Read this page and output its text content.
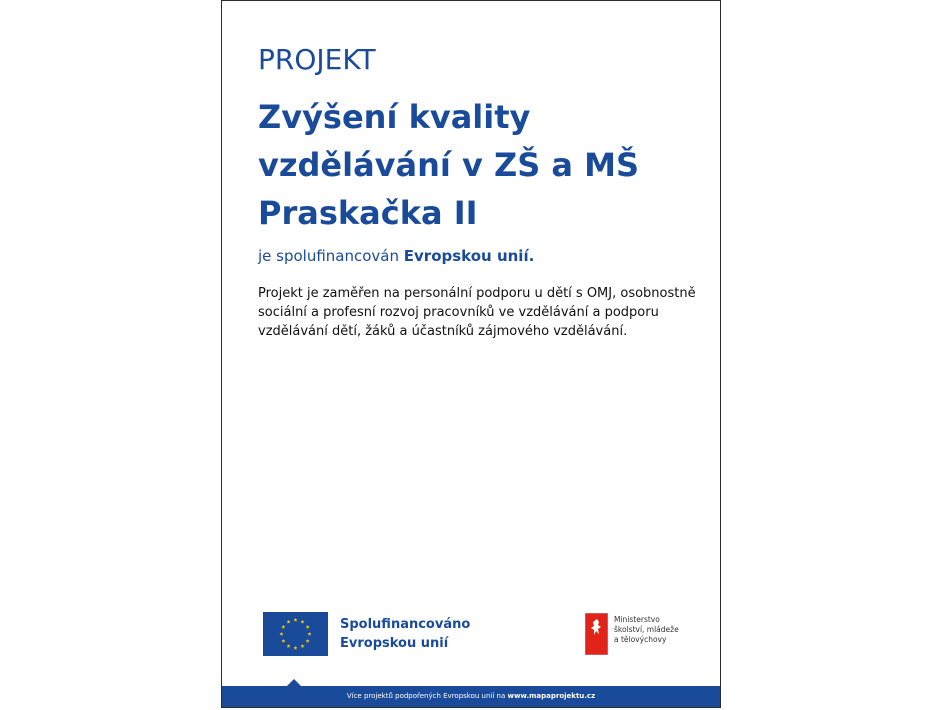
PROJEKT

Zvýšení kvality vzdělávání v ZŠ a MŠ Praskačka II

je spolufinancován Evropskou unií.

Projekt je zaměřen na personální podporu u dětí s OMJ, osobnostně sociální a profesní rozvoj pracovníků ve vzdělávání a podporu vzdělávání dětí, žáků a účastníků zájmového vzdělávání.

Spolufinancováno
Evropskou unií
Ministerstvo
školství, mládeže
a tělovýchovy
Více projektů podpořených Evropskou unií na www.mapaprojektu.cz
